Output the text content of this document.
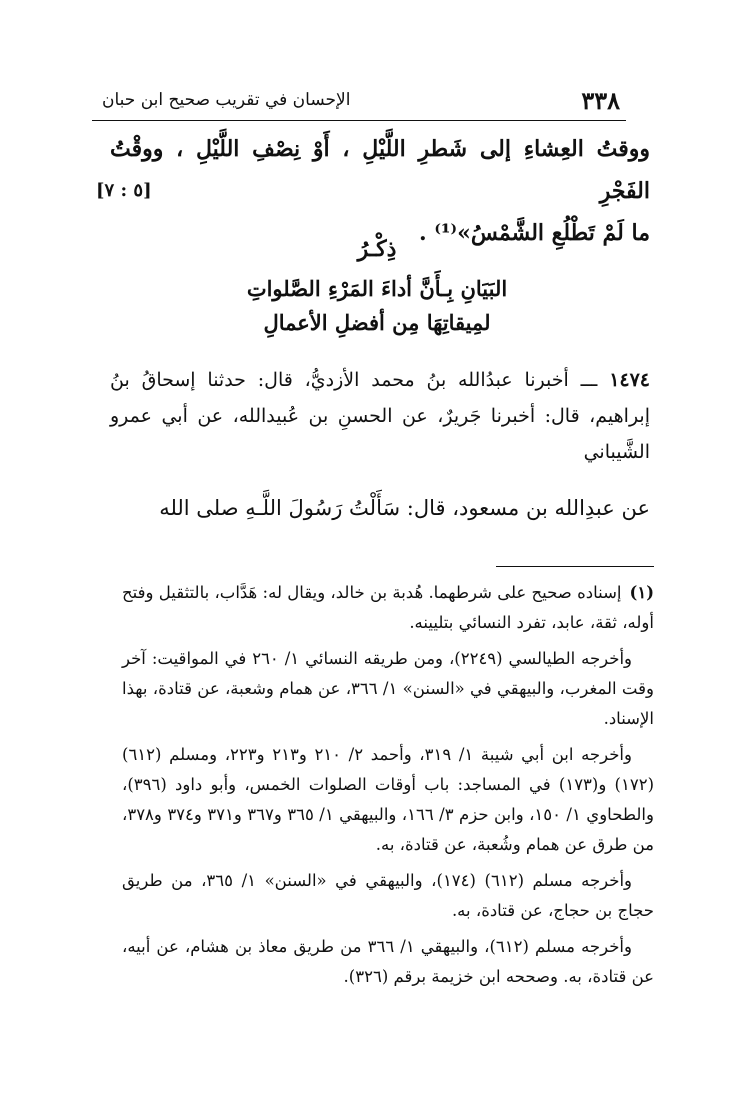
٣٣٨
الإحسان في تقريب صحيح ابن حبان
ووقتُ العِشاءِ إلى شَطرِ اللَّيْلِ ، أَوْ نِصْفِ اللَّيْلِ ، ووقْتُ الفَجْرِ
ما لَمْ تَطْلُعِ الشَّمْسُ»⁽¹⁾ .
[٥ : ٧]
ذِكْـرُ
البَيَانِ بِـأَنَّ أداءَ المَرْءِ الصَّلواتِ
لمِيقاتِهَا مِن أفضلِ الأعمالِ
١٤٧٤ ـــ أخبرنا عبدُالله بنُ محمد الأزديُّ، قال: حدثنا إسحاقُ بنُ إبراهيم، قال: أخبرنا جَريرٌ، عن الحسنِ بن عُبيدالله، عن أبي عمرو الشَّيباني
عن عبدِالله بن مسعود، قال: سَأَلْتُ رَسُولَ اللَّـهِ صلى الله

(١)إسناده صحيح على شرطهما. هُدبة بن خالد، ويقال له: هَدَّاب، بالتثقيل وفتح أوله، ثقة، عابد، تفرد النسائي بتليينه.

وأخرجه الطيالسي (٢٢٤٩)، ومن طريقه النسائي ١/ ٢٦٠ في المواقيت: آخر وقت المغرب، والبيهقي في «السنن» ١/ ٣٦٦، عن همام وشعبة، عن قتادة، بهذا الإسناد.

وأخرجه ابن أبي شيبة ١/ ٣١٩، وأحمد ٢/ ٢١٠ و٢١٣ و٢٢٣، ومسلم (٦١٢) (١٧٢) و(١٧٣) في المساجد: باب أوقات الصلوات الخمس، وأبو داود (٣٩٦)، والطحاوي ١/ ١٥٠، وابن حزم ٣/ ١٦٦، والبيهقي ١/ ٣٦٥ و٣٦٧ و٣٧١ و٣٧٤ و٣٧٨، من طرق عن همام وشُعبة، عن قتادة، به.

وأخرجه مسلم (٦١٢) (١٧٤)، والبيهقي في «السنن» ١/ ٣٦٥، من طريق حجاج بن حجاج، عن قتادة، به.

وأخرجه مسلم (٦١٢)، والبيهقي ١/ ٣٦٦ من طريق معاذ بن هشام، عن أبيه، عن قتادة، به. وصححه ابن خزيمة برقم (٣٢٦).
